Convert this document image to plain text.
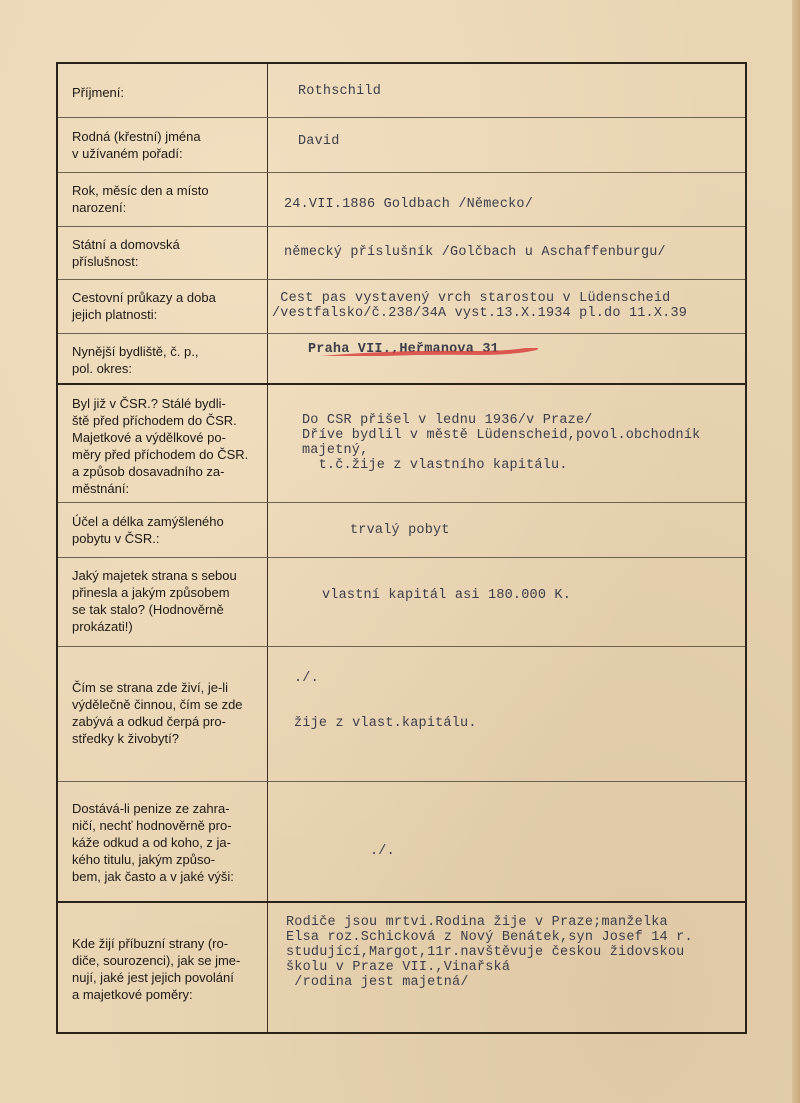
Příjmení:	Rothschild
Rodná (křestní) jména
v užívaném pořadí:
David
Rok, měsíc den a místo
narození:	24.VII.1886 Goldbach /Německo/
Státní a domovská
příslušnost:
německý příslušník /Golčbach u Aschaffenburgu/
Cestovní průkazy a doba
jejich platnosti:
Cest pas vystavený vrch starostou v Lüdenscheid
/vestfalsko/č.238/34A vyst.13.X.1934 pl.do 11.X.39
Nynější bydliště, č. p.,
pol. okres:
Praha VII.,Heřmanova 31
Byl již v ČSR.? Stálé bydli-
ště před příchodem do ČSR.
Majetkové a výdělkové po-
měry před příchodem do ČSR.
a způsob dosavadního za-
městnání:
Do ČSR přišel v lednu 1936/v Praze/
Dříve bydlil v městě Lüdenscheid,povol.obchodník
majetný,
t.č.žije z vlastního kapitálu.
Účel a délka zamýšleného
pobytu v ČSR.:
trvalý pobyt
Jaký majetek strana s sebou
přinesla a jakým způsobem
se tak stalo? (Hodnověrně
prokázati!)
vlastní kapitál asi 180.000 K.
Čím se strana zde živí, je-li
výdělečně činnou, čím se zde
zabývá a odkud čerpá pro-
středky k živobytí?
./.

žije z vlast.kapitálu.
Dostává-li penize ze zahra-
ničí, nechť hodnověrně pro-
káže odkud a od koho, z ja-
kého titulu, jakým způso-
bem, jak často a v jaké výši:
./.
Kde žijí příbuzní strany (ro-
diče, sourozenci), jak se jme-
nují, jaké jest jejich povolání
a majetkové poměry:
Rodiče jsou mrtvi.Rodina žije v Praze;manželka
Elsa roz.Schicková z Nový Benátek,syn Josef 14 r.
studující,Margot,11r.navštěvuje českou židovskou
školu v Praze VII.,Vinařská
/rodina jest majetná/
